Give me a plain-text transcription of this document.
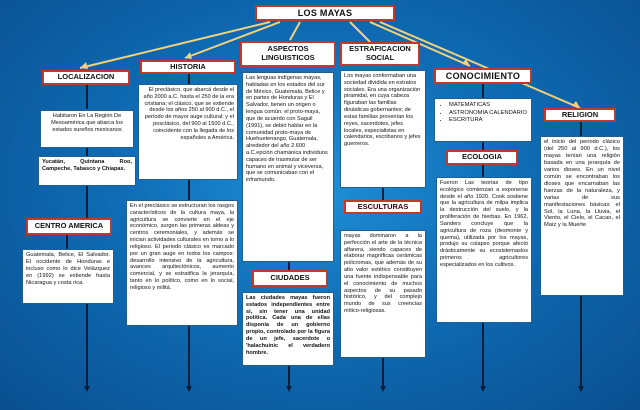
LOS MAYAS
LOCALIZACION
Habitaron En La Región De Mesoamérica que abarca los estados sureños mexicanos
Yucatán, Quintana Roo, Campeche, Tabasco y Chiapas.
CENTRO AMERICA
Guatemala, Belice, El Salvador. El occidente de Honduras e incluso como lo dice Velázquez en (1992) se extiende hasta Nicaragua y costa rica.
HISTORIA
El preclásico, que abarcá desde el año 2000 a.C. hasta el 250 de la era cristiana; el clásico, que se extiende desde los años 250 al 900 d.C., el período de mayor auge cultural; y el posclásico, del 900 al 1500 d.C., coincidente con la llegada de los españoles a América.
En el preclásico se estructuran los rasgos característicos de la cultura maya, la agricultura se convierte en el eje económico, surgen las primeras aldeas y centros ceremoniales, y además se inician actividades culturales en torno a lo religioso. El periodo clásico es marcado por un gran auge en todos los campos: desarrollo intensivo de la agricultura, avances arquitectónicos, aumento comercial, y se estratifica la jerarquía, tanto en lo político, como en lo social, religioso y militá.
ASPECTOS LINGUISTICOS
Las lenguas indígenas mayas, habladas en los estados del sur de México, Guatemala, Belice y en partes de Honduras y El Salvador, tienen un origen o lengua común: el proto-maya, que de acuerdo con Saguil (1991), se debió hablar en la comunidad proto-maya de Huehuetenango, Guatemala, alrededor del año 2.600 a.C.epción chamánica individuos capaces de trasmutar de ser humano en animal y viceversa, que se comunicaban con el inframundo.
CIUDADES
Las ciudades mayas fueron estados independientes entre si, sin tener una unidad política. Cada una de ellas disponía de un gobierno propio, controlado por la figura de un jefe, sacerdote o 'halachuinic el verdadero hombre.
ESTRAFICACION SOCIAL
Los mayas conformaban una sociedad dividida en estratos sociales. Era una organización piramidal, en cuya cabeza figuraban las familias dinásticas gobernantes; de estas familias provenían los reyes, sacerdotes, jefes locales, especialistas en calendarios, escribanos y jefes guerreros.
ESCULTURAS
mayas dominaron a la perfección el arte de la técnica alfarera, siendo capaces de elaborar magníficas cerámicas policromas, que además de su alto valor estético constituyen una fuente indispensable para el conocimiento de muchos aspectos de su pasado histórico, y del complejo mundo de sus creencias mítico-religiosas.
CONOCIMIENTO
• MATEMATICAS
• ASTRONOMIA CALENDARIO
• ESCRITURA
ECOLOGIA
Fueron Las teorías de tipo ecológico comienzan a exponerse desde el año 1920. Cook sostiene que la agricultura de milpa implica la destrucción del suelo, y la proliferación de hierbas. En 1962, Sanders concluye que la agricultura de roza (desmonte y quema), utilizada por los mayas, produjo su colapso porque afectó drásticamente su ecosistemaslos primeros agricultores especializados en los cultivos.
RELIGION
el inicio del periodo clásico (del 250 al 900 d.C.), los mayas tenían una religión basada en una jerarquía de varios dioses. En un nivel común se encontraban los dioses que encarnaban las fuerzas de la naturaleza, y varias de sus manifestaciones básicas: el Sol, la Luna, la Lluvia, el Viento, el Cielo, el Cacao, el Maíz y la Muerte
